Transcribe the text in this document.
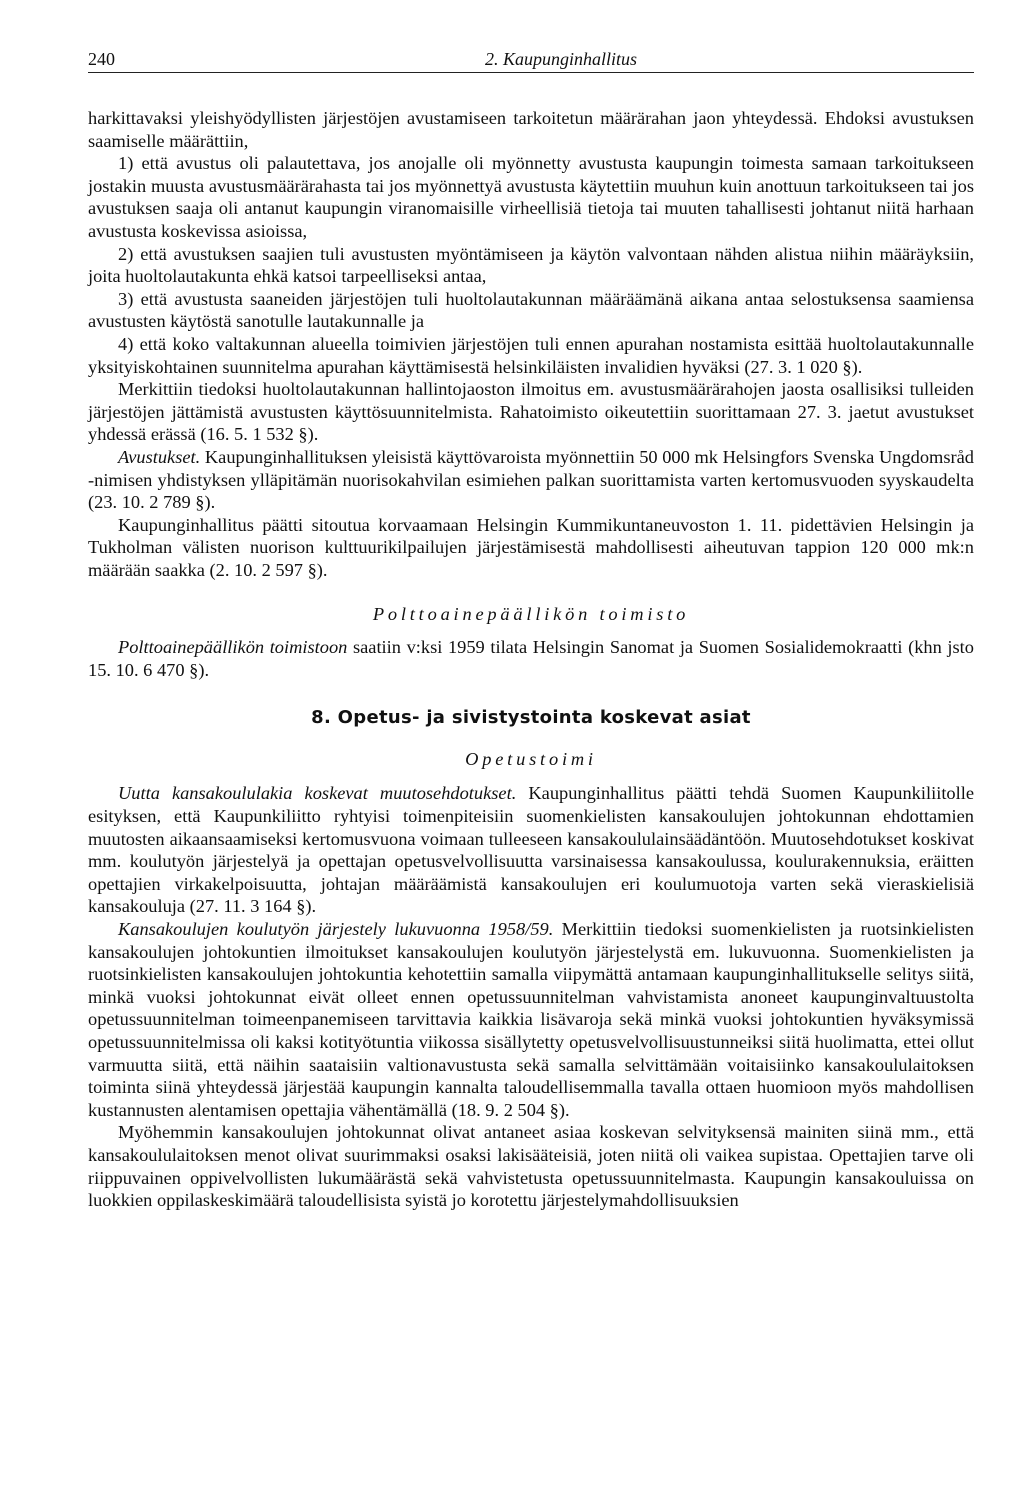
240	2. Kaupunginhallitus

harkittavaksi yleishyödyllisten järjestöjen avustamiseen tarkoitetun määrärahan jaon yhteydessä. Ehdoksi avustuksen saamiselle määrättiin,

1) että avustus oli palautettava, jos anojalle oli myönnetty avustusta kaupungin toimesta samaan tarkoitukseen jostakin muusta avustusmäärärahasta tai jos myönnettyä avustusta käytettiin muuhun kuin anottuun tarkoitukseen tai jos avustuksen saaja oli antanut kaupungin viranomaisille virheellisiä tietoja tai muuten tahallisesti johtanut niitä harhaan avustusta koskevissa asioissa,

2) että avustuksen saajien tuli avustusten myöntämiseen ja käytön valvontaan nähden alistua niihin määräyksiin, joita huoltolautakunta ehkä katsoi tarpeelliseksi antaa,

3) että avustusta saaneiden järjestöjen tuli huoltolautakunnan määräämänä aikana antaa selostuksensa saamiensa avustusten käytöstä sanotulle lautakunnalle ja

4) että koko valtakunnan alueella toimivien järjestöjen tuli ennen apurahan nostamista esittää huoltolautakunnalle yksityiskohtainen suunnitelma apurahan käyttämisestä helsinkiläisten invalidien hyväksi (27. 3. 1 020 §).

Merkittiin tiedoksi huoltolautakunnan hallintojaoston ilmoitus em. avustusmäärärahojen jaosta osallisiksi tulleiden järjestöjen jättämistä avustusten käyttösuunnitelmista. Rahatoimisto oikeutettiin suorittamaan 27. 3. jaetut avustukset yhdessä erässä (16. 5. 1 532 §).

Avustukset. Kaupunginhallituksen yleisistä käyttövaroista myönnettiin 50 000 mk Helsingfors Svenska Ungdomsråd -nimisen yhdistyksen ylläpitämän nuorisokahvilan esimiehen palkan suorittamista varten kertomusvuoden syyskaudelta (23. 10. 2 789 §).

Kaupunginhallitus päätti sitoutua korvaamaan Helsingin Kummikuntaneuvoston 1. 11. pidettävien Helsingin ja Tukholman välisten nuorison kulttuurikilpailujen järjestämisestä mahdollisesti aiheutuvan tappion 120 000 mk:n määrään saakka (2. 10. 2 597 §).

Polttoainepäällikön toimisto

Polttoainepäällikön toimistoon saatiin v:ksi 1959 tilata Helsingin Sanomat ja Suomen Sosialidemokraatti (khn jsto 15. 10. 6 470 §).

8. Opetus- ja sivistystointa koskevat asiat

Opetustoimi

Uutta kansakoululakia koskevat muutosehdotukset. Kaupunginhallitus päätti tehdä Suomen Kaupunkiliitolle esityksen, että Kaupunkiliitto ryhtyisi toimenpiteisiin suomenkielisten kansakoulujen johtokunnan ehdottamien muutosten aikaansaamiseksi kertomusvuona voimaan tulleeseen kansakoululainsäädäntöön. Muutosehdotukset koskivat mm. koulutyön järjestelyä ja opettajan opetusvelvollisuutta varsinaisessa kansakoulussa, koulurakennuksia, eräitten opettajien virkakelpoisuutta, johtajan määräämistä kansakoulujen eri koulumuotoja varten sekä vieraskielisiä kansakouluja (27. 11. 3 164 §).

Kansakoulujen koulutyön järjestely lukuvuonna 1958/59. Merkittiin tiedoksi suomenkielisten ja ruotsinkielisten kansakoulujen johtokuntien ilmoitukset kansakoulujen koulutyön järjestelystä em. lukuvuonna. Suomenkielisten ja ruotsinkielisten kansakoulujen johtokuntia kehotettiin samalla viipymättä antamaan kaupunginhallitukselle selitys siitä, minkä vuoksi johtokunnat eivät olleet ennen opetussuunnitelman vahvistamista anoneet kaupunginvaltuustolta opetussuunnitelman toimeenpanemiseen tarvittavia kaikkia lisävaroja sekä minkä vuoksi johtokuntien hyväksymissä opetussuunnitelmissa oli kaksi kotityötuntia viikossa sisällytetty opetusvelvollisuustunneiksi siitä huolimatta, ettei ollut varmuutta siitä, että näihin saataisiin valtionavustusta sekä samalla selvittämään voitaisiinko kansakoululaitoksen toiminta siinä yhteydessä järjestää kaupungin kannalta taloudellisemmalla tavalla ottaen huomioon myös mahdollisen kustannusten alentamisen opettajia vähentämällä (18. 9. 2 504 §).

Myöhemmin kansakoulujen johtokunnat olivat antaneet asiaa koskevan selvityksensä mainiten siinä mm., että kansakoululaitoksen menot olivat suurimmaksi osaksi lakisääteisiä, joten niitä oli vaikea supistaa. Opettajien tarve oli riippuvainen oppivelvollisten lukumäärästä sekä vahvistetusta opetussuunnitelmasta. Kaupungin kansakouluissa on luokkien oppilaskeskimäärä taloudellisista syistä jo korotettu järjestelymahdollisuuksien
